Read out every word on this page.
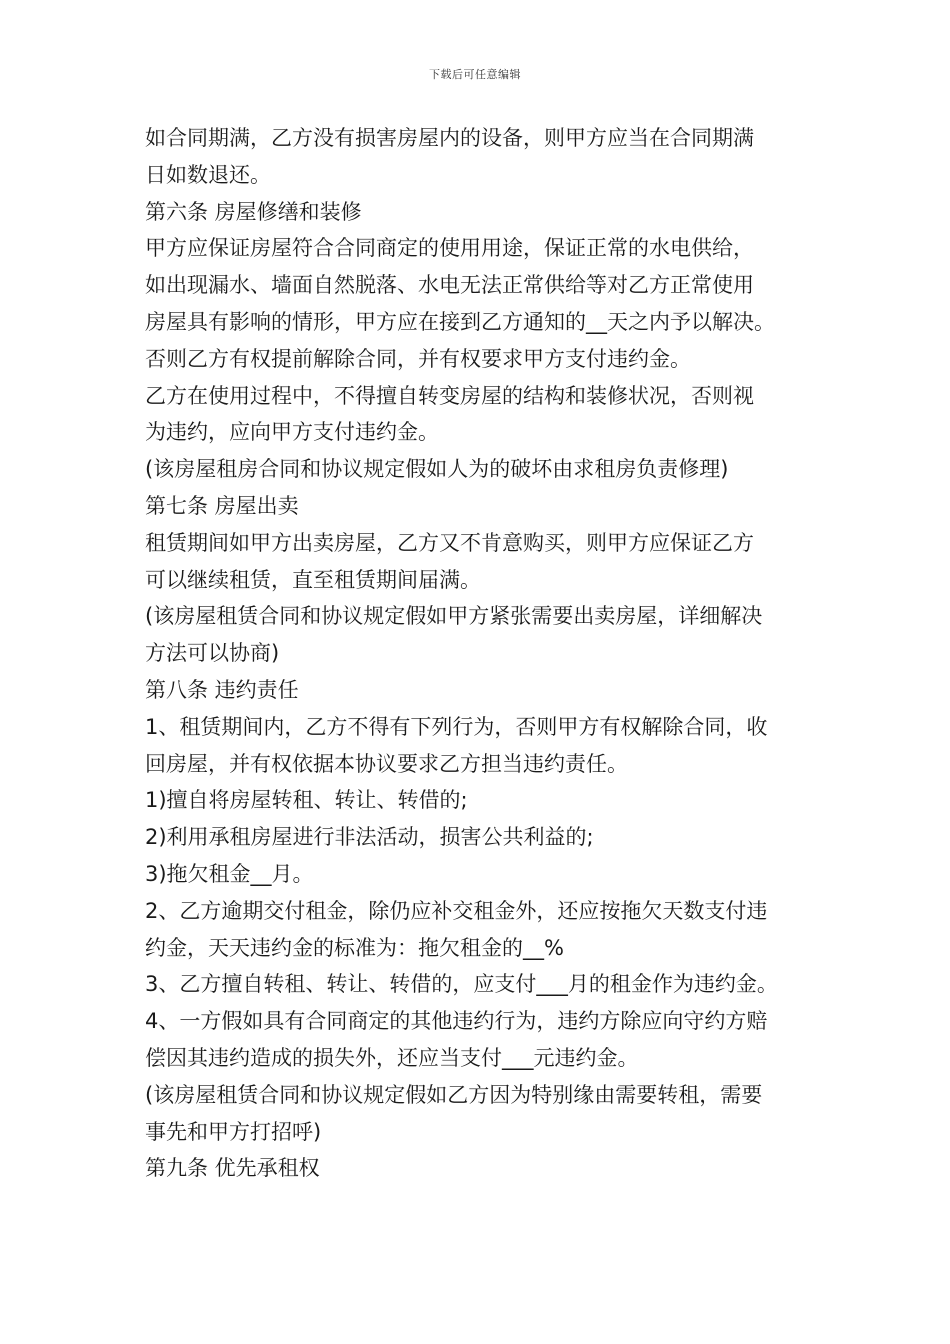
下载后可任意编辑
如合同期满，乙方没有损害房屋内的设备，则甲方应当在合同期满
日如数退还。
第六条 房屋修缮和装修
甲方应保证房屋符合合同商定的使用用途，保证正常的水电供给，
如出现漏水、墙面自然脱落、水电无法正常供给等对乙方正常使用
房屋具有影响的情形，甲方应在接到乙方通知的__天之内予以解决。
否则乙方有权提前解除合同，并有权要求甲方支付违约金。
乙方在使用过程中，不得擅自转变房屋的结构和装修状况，否则视
为违约，应向甲方支付违约金。
(该房屋租房合同和协议规定假如人为的破坏由求租房负责修理)
第七条 房屋出卖
租赁期间如甲方出卖房屋，乙方又不肯意购买，则甲方应保证乙方
可以继续租赁，直至租赁期间届满。
(该房屋租赁合同和协议规定假如甲方紧张需要出卖房屋，详细解决
方法可以协商)
第八条 违约责任
1、租赁期间内，乙方不得有下列行为，否则甲方有权解除合同，收
回房屋，并有权依据本协议要求乙方担当违约责任。
1)擅自将房屋转租、转让、转借的;
2)利用承租房屋进行非法活动，损害公共利益的;
3)拖欠租金__月。
2、乙方逾期交付租金，除仍应补交租金外，还应按拖欠天数支付违
约金，天天违约金的标准为：拖欠租金的__%
3、乙方擅自转租、转让、转借的，应支付___月的租金作为违约金。
4、一方假如具有合同商定的其他违约行为，违约方除应向守约方赔
偿因其违约造成的损失外，还应当支付___元违约金。
(该房屋租赁合同和协议规定假如乙方因为特别缘由需要转租，需要
事先和甲方打招呼)
第九条 优先承租权
